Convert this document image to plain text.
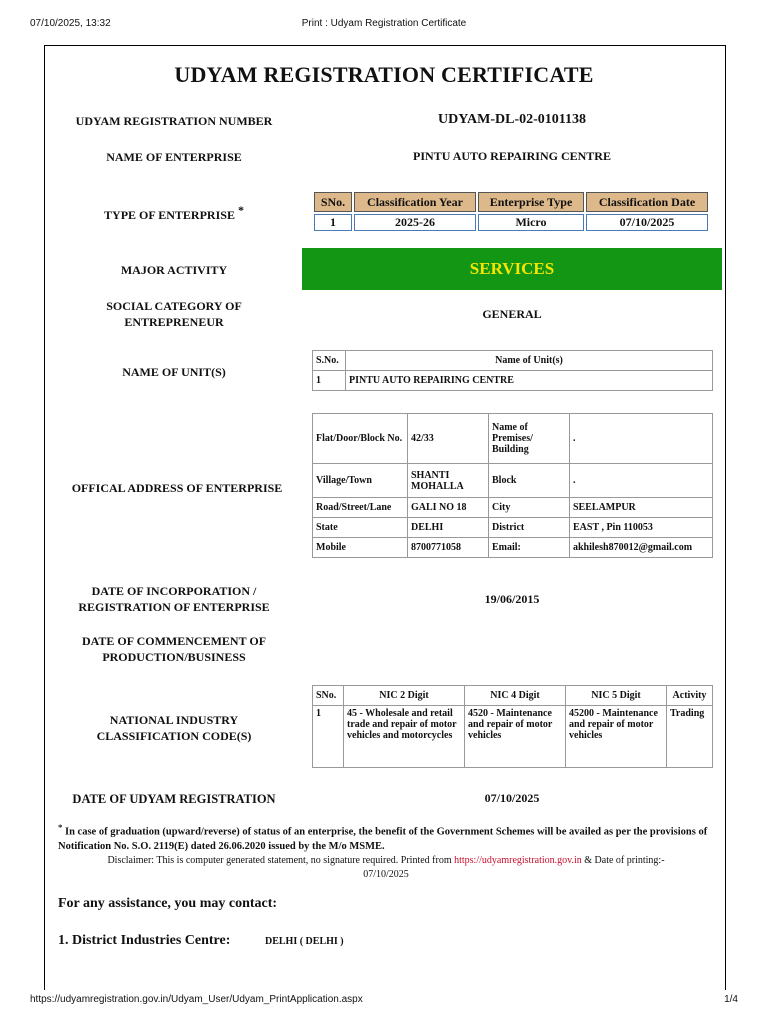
07/10/2025, 13:32	Print : Udyam Registration Certificate
UDYAM REGISTRATION CERTIFICATE
UDYAM REGISTRATION NUMBER	UDYAM-DL-02-0101138
NAME OF ENTERPRISE	PINTU AUTO REPAIRING CENTRE
TYPE OF ENTERPRISE *
SNo.	Classification Year	Enterprise Type	Classification Date
1	2025-26	Micro	07/10/2025
MAJOR ACTIVITY	SERVICES
SOCIAL CATEGORY OF
ENTREPRENEUR
GENERAL
NAME OF UNIT(S)
S.No.	Name of Unit(s)
1	PINTU AUTO REPAIRING CENTRE
OFFICAL ADDRESS OF ENTERPRISE
Flat/Door/Block No.	42/33	Name of Premises/ Building	.
Village/Town	SHANTI MOHALLA	Block	.
Road/Street/Lane	GALI NO 18	City	SEELAMPUR
State	DELHI	District	EAST , Pin 110053
Mobile	8700771058	Email:	akhilesh870012@gmail.com
DATE OF INCORPORATION /
REGISTRATION OF ENTERPRISE
19/06/2015
DATE OF COMMENCEMENT OF
PRODUCTION/BUSINESS
NATIONAL INDUSTRY
CLASSIFICATION CODE(S)
SNo.	NIC 2 Digit	NIC 4 Digit	NIC 5 Digit	Activity
1	45 - Wholesale and retail trade and repair of motor vehicles and motorcycles	4520 - Maintenance and repair of motor vehicles	45200 - Maintenance and repair of motor vehicles	Trading
DATE OF UDYAM REGISTRATION	07/10/2025
* In case of graduation (upward/reverse) of status of an enterprise, the benefit of the Government Schemes will be availed as per the provisions of Notification No. S.O. 2119(E) dated 26.06.2020 issued by the M/o MSME.
Disclaimer: This is computer generated statement, no signature required. Printed from https://udyamregistration.gov.in & Date of printing:-
07/10/2025
For any assistance, you may contact:
1. District Industries Centre:	DELHI ( DELHI )
https://udyamregistration.gov.in/Udyam_User/Udyam_PrintApplication.aspx	1/4
